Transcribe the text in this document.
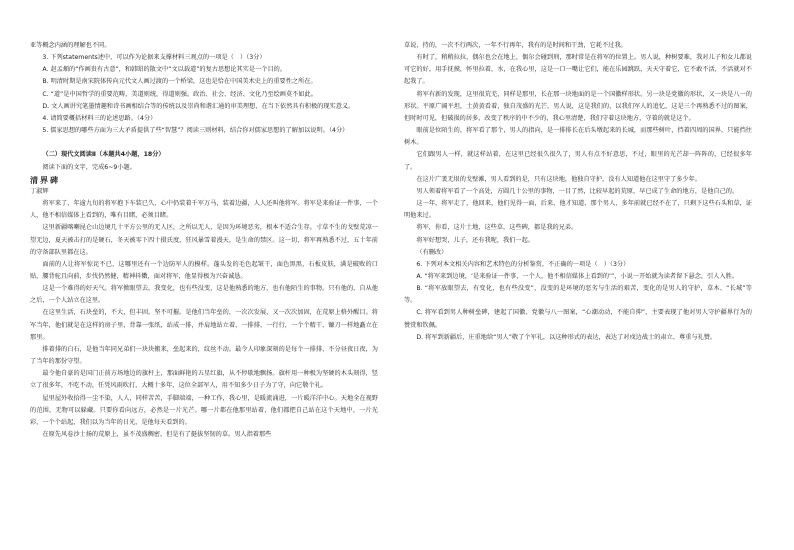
亚等概念内涵的理解也不同。

3. 下列statements述中，可以作为论据来支撑材料三观点的一项是（　）（3分）

A. 赵孟頫的“作画贵有古意”，和韩昭的散文中“文以载道”的复古思想论其实是一个目的。

B. 明清时期是南宋院体传向元代文人画过渡的一个桥梁，这也是恰在中国美术史上的重要性之所在。

C. “道”是中国哲学的重要范畴，美道则统，得道则强。政治、社会、经济、文化乃至绘画莫不如此。

D. 文人画讲究笔墨情趣和诗书画相结合等的传统以及崇尚和谐汇通的审美理想，在当下依然具有积极的现实意义。

4. 请简要概括材料三的论述思路。（4分）

5. 儒家思想的哪些方面为三大矛盾提供了些“智慧”？阅读三则材料，结合你对儒家思想的了解加以说明。（4分）

（二）现代文阅读Ⅱ（本题共4小题，18分）

阅读下面的文字，完成6~9小题。

清界碑

丁淑辉

将军来了，年逾九旬的将军抱下车装已久，心中仍装着千军万马，装着边疆，人人还叫他将军。将军是来验证一件事，一个人，他不相信媒体上看到的，唯有目睹，必须目睹。

这里新疆喀喇昆仑山边境几十平方公里的无人区，之所以无人，是因为环境恶劣，根本不适合生存。寸草不生的戈壁荒凉一望无边，夏天被击打的是硬石，冬天被零下四十摄氏度，狂风暴雪着漫天，是生命的禁区。这一切，将军再熟悉不过，五十年前的守备部队里都在这。

面前的人让将军惊诧不已，这哪里还有一个边防军人的模样。蓬头发的毛色起皱干，面色黑黑，石板皮肤，满是破败的口贴，腰背驼且向前，步伐仍然健，精神抖擞，面对将军，他显得极为兴奋诚恳。

这是一个难得的好天气。将军掀眼望去，我变化，也有些没变，这是他熟悉的地方，也有他陌生的事物。只有他的，自从他之后，一个人站立在这里。

在这里生活，石块垒的，不大，但丰固，坚不可摧。是他们当年垒的，一次次发展，又一次次加固，在荒原上格外醒目。将军当年，他们就是在这样的房子里，背靠一张纸，站成一排，并肩地站立着，一排排，一行行，一个个精干，镰刀一样地矗立在那里。

排着排的白石，是他当年同兄弟们一块块搬来，垒起来的，纹丝不动。最令人印象深刻的是每个一排排，不分昼夜日夜，为了当年的那份守望。

最令他自豪的是国门正前方场地边的旗杆上，那面鲜艳的五星红旗，从不停歇地飘扬。旗杆用一种极为坚硬的木头刻得，竖立了很多年，不吃不动，任凭风雨吹打，大概十多年，这位全部军人，用不知多少日子为了守，向它敬个礼。

屋里屋外收拾得一尘不染，人人，同样苦苦，手脚端端，一种工作，我心里，是暖流涌进，一片暖洋洋中心。天地全在视野的范围，无物可以躲藏。只要你看向远方，必然是一片光芒。哪一片都在他那里站着，他们都把自己站在这个天地中，一片光彩，一个个站起，我们以为当年的日光，是他每天看到的。

在原先风卷沙土扬的荒原上，虽不茂盛稠密，但是有了挺拔坚韧的草。男人指着那些

草说，持的，一次不行两次，一年不行再年，我有的是时间和干劲，它耗不过我。

有时了，稍稍拉拉，偶尔也会在地上，偶尔会碰到刑，那时常是在将军的位置上。男人说，种树要难，我对儿子和女儿都说可它的好，用手抚摸，怀里拉着，水，在我心里，这是一口一嘴让它们，能在乐园跳跃，天天守着它，它不敢不活，不活就对不起我了。

将军有新的发现，这里很荒芜，同样是那里，长在那一块地面的是一个国徽样形状。另一块是党徽的形状，又一块是八一的形状。平原广阔平坦，土黄黄看着，独自茂盛的光芒，男人说，这是我们的，以我们军人的追忆，这是三个再熟悉不过的图案，但时时可见，但破损的居多，改变了秩序的中不少的，我心里清楚，我们守着这块地方，守着的就是这个。

眼前是位陌生的，将军看了那个，男人的指向，是一排排长在后头墩起来的长城，而那些树叶，挡着四周的国界，只能挡往树木。

它们跟男人一样，就这样站着，在这里已经很久很久了，男人有点不好意思，不过，眼里的光芒却一阵阵的，已经很多年了。

在这片广袤无垠的戈壁滩，男人看到的是，只有这块地，他独自守护，没有人知道他在这里守了多少年。

男人领着将军看了一个高处，方圆几十公里的事物，一目了然，比较早起的荒原，早已成了生命的地方，是他自己的。

这一年，将军走了，他回来，他们见得一面，后来，他才知道，那个男人，多年前就已经不在了，只剩下这些石头和草，证明他来过。

将军，你看，这片土地，这些草，这些碑，都是我的兄弟。

将军好想哭，儿子，还有我呢，我们一起。

（有删改）

6. 下列对本文相关内容和艺术特色的分析鉴赏，不正确的一项是（　）（3分）

A. “将军来到边境，‘是来验证一件事，一个人，他不相信媒体上看到的’”，小说一开始就为读者留下悬念，引人入胜。

B. “将军放眼望去，有变化，也有些没变”，没变的是环境的恶劣与生活的艰苦，变化的是男人的守护，草木、“长城”等等。

C. 将军看到男人种树垒碑，建起了国徽、党徽与八一图案，“心潮动动，不能自抑”，主要表现了他对男人守护疆界行为的赞赏和钦佩。

D. 将军到新疆后，庄重地给“男人”敬了个军礼，以这种形式的表达，表达了对戍边战士的肃立、尊重与礼赞。
